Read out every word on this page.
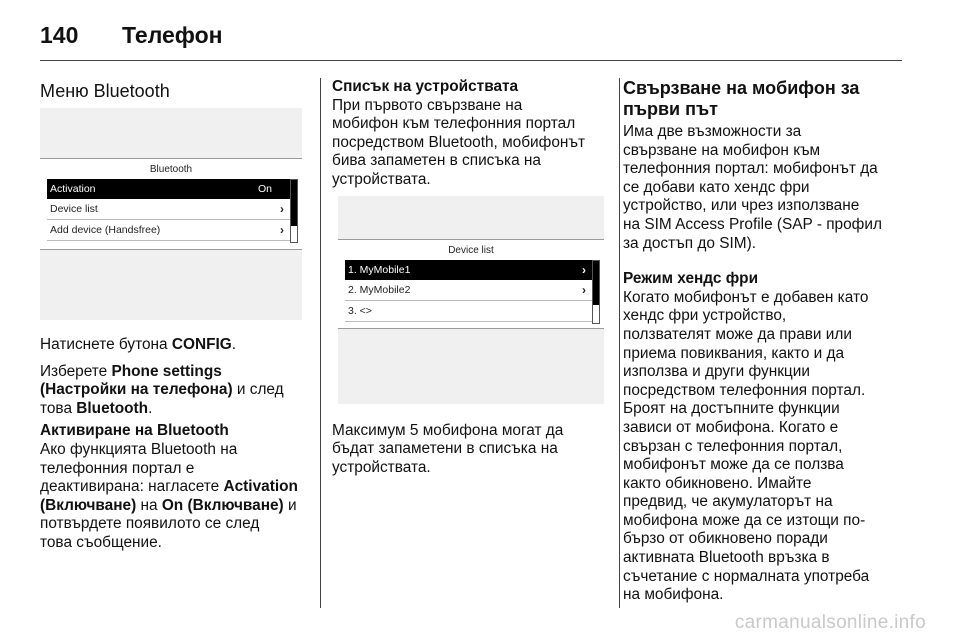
140 Телефон
Меню Bluetooth

Натиснете бутона CONFIG.

Изберете Phone settings
(Настройки на телефона) и след
това Bluetooth.

Активиране на Bluetooth

Ако функцията Bluetooth на
телефонния портал е
деактивирана: нагласете Activation
(Включване) на On (Включване) и
потвърдете появилото се след
това съобщение.

Bluetooth
Activation	On
Device list	›
Add device (Handsfree)	›

Списък на устройствата

При първото свързване на
мобифон към телефонния портал
посредством Bluetooth, мобифонът
бива запаметен в списъка на
устройствата.

Максимум 5 мобифона могат да
бъдат запаметени в списъка на
устройствата.

Device list
1. MyMobile1	›
2. MyMobile2	›
3. <>
Свързване на мобифон за
първи път

Има две възможности за
свързване на мобифон към
телефонния портал: мобифонът да
се добави като хендс фри
устройство, или чрез използване
на SIM Access Profile (SAP - профил
за достъп до SIM).

Режим хендс фри

Когато мобифонът е добавен като
хендс фри устройство,
ползвателят може да прави или
приема повиквания, както и да
използва и други функции
посредством телефонния портал.
Броят на достъпните функции
зависи от мобифона. Когато е
свързан с телефонния портал,
мобифонът може да се ползва
както обикновено. Имайте
предвид, че акумулаторът на
мобифона може да се изтощи по-
бързо от обикновено поради
активната Bluetooth връзка в
съчетание с нормалната употреба
на мобифона.

carmanualsonline.info
